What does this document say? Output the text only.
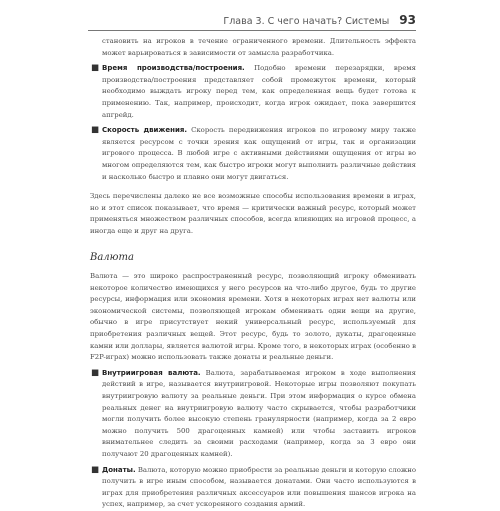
Глава 3. С чего начать? Системы 93

становить на игроков в течение ограниченного времени. Длительность эффекта может варьироваться в зависимости от замысла разработчика.

■ Время производства/построения. Подобно времени перезарядки, время производства/построения представляет собой промежуток времени, который необходимо выждать игроку перед тем, как определенная вещь будет готова к применению. Так, например, происходит, когда игрок ожидает, пока завершится апгрейд.

■ Скорость движения. Скорость передвижения игроков по игровому миру также является ресурсом с точки зрения как ощущений от игры, так и организации игрового процесса. В любой игре с активными действиями ощущения от игры во многом определяются тем, как быстро игроки могут выполнить различные действия и насколько быстро и плавно они могут двигаться.

Здесь перечислены далеко не все возможные способы использования времени в играх, но и этот список показывает, что время — критически важный ресурс, который может применяться множеством различных способов, всегда влияющих на игровой процесс, а иногда еще и друг на друга.

Валюта

Валюта — это широко распространенный ресурс, позволяющий игроку обменивать некоторое количество имеющихся у него ресурсов на что-либо другое, будь то другие ресурсы, информация или экономия времени. Хотя в некоторых играх нет валюты или экономической системы, позволяющей игрокам обменивать одни вещи на другие, обычно в игре присутствует некий универсальный ресурс, используемый для приобретения различных вещей. Этот ресурс, будь то золото, дукаты, драгоценные камни или доллары, является валютой игры. Кроме того, в некоторых играх (особенно в F2P-играх) можно использовать также донаты и реальные деньги.

■ Внутриигровая валюта. Валюта, зарабатываемая игроком в ходе выполнения действий в игре, называется внутриигровой. Некоторые игры позволяют покупать внутриигровую валюту за реальные деньги. При этом информация о курсе обмена реальных денег на внутриигровую валюту часто скрывается, чтобы разработчики могли получить более высокую степень гранулярности (например, когда за 2 евро можно получить 500 драгоценных камней) или чтобы заставить игроков внимательнее следить за своими расходами (например, когда за 3 евро они получают 20 драгоценных камней).

■ Донаты. Валюта, которую можно приобрести за реальные деньги и которую сложно получить в игре иным способом, называется донатами. Они часто используются в играх для приобретения различных аксессуаров или повышения шансов игрока на успех, например, за счет ускоренного создания армий.
